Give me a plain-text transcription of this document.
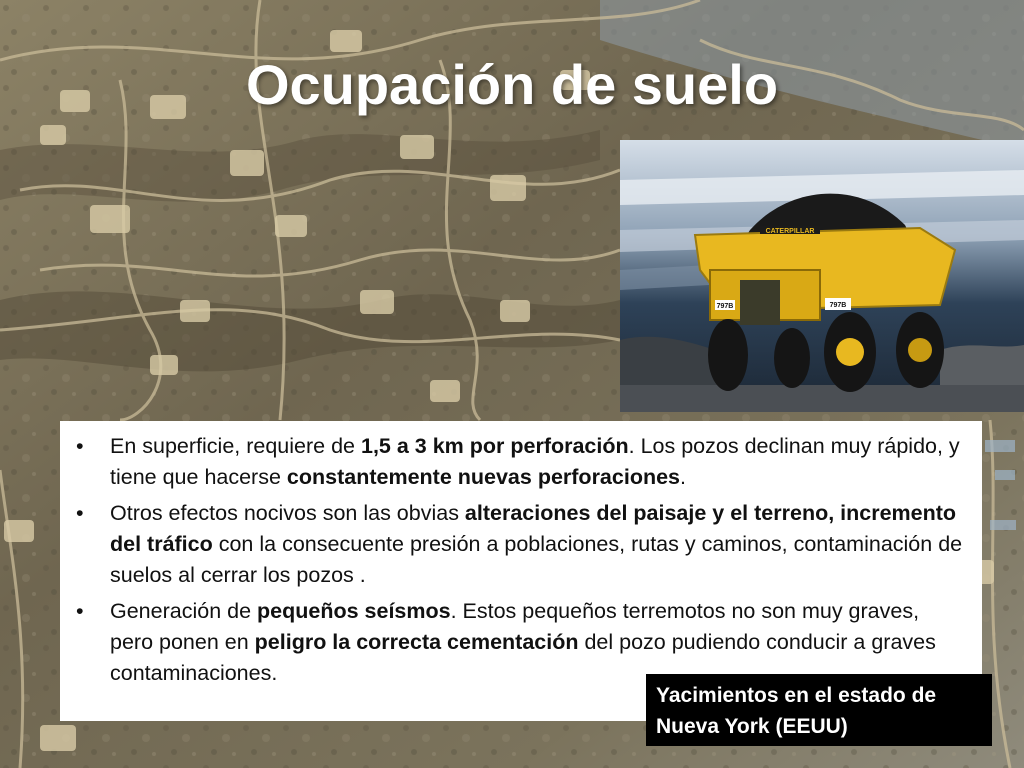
Ocupación de suelo
CATERPILLAR
797B	797B
• En superficie, requiere de 1,5 a 3 km por perforación. Los pozos declinan muy rápido, y tiene que hacerse constantemente nuevas perforaciones.
• Otros efectos nocivos son las obvias alteraciones del paisaje y el terreno, incremento del tráfico con la consecuente presión a poblaciones, rutas y caminos, contaminación de suelos al cerrar los pozos .
• Generación de pequeños seísmos. Estos pequeños terremotos no son muy graves, pero ponen en peligro la correcta cementación del pozo pudiendo conducir a graves contaminaciones.
Yacimientos en el estado de Nueva York (EEUU)
